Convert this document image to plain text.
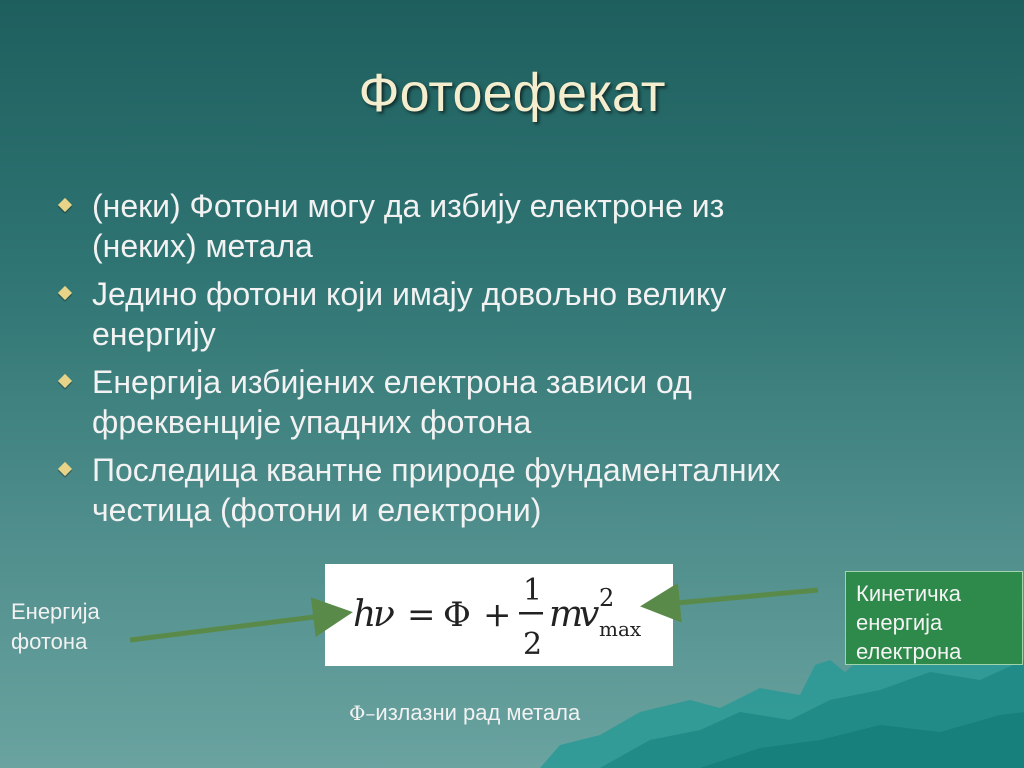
Фотоефекат
(неки) Фотони могу да избију електроне из
(неких) метала
Једино фотони који имају довољно велику
енергију
Енергија избијених електрона зависи од
фреквенције упадних фотона
Последица квантне природе фундаменталних
честица (фотони и електрони)
h
ν = Φ +
1
2
m
v 2
max
Енергија
фотона
Кинетичка
енергија
електрона
Φ–излазни рад метала
